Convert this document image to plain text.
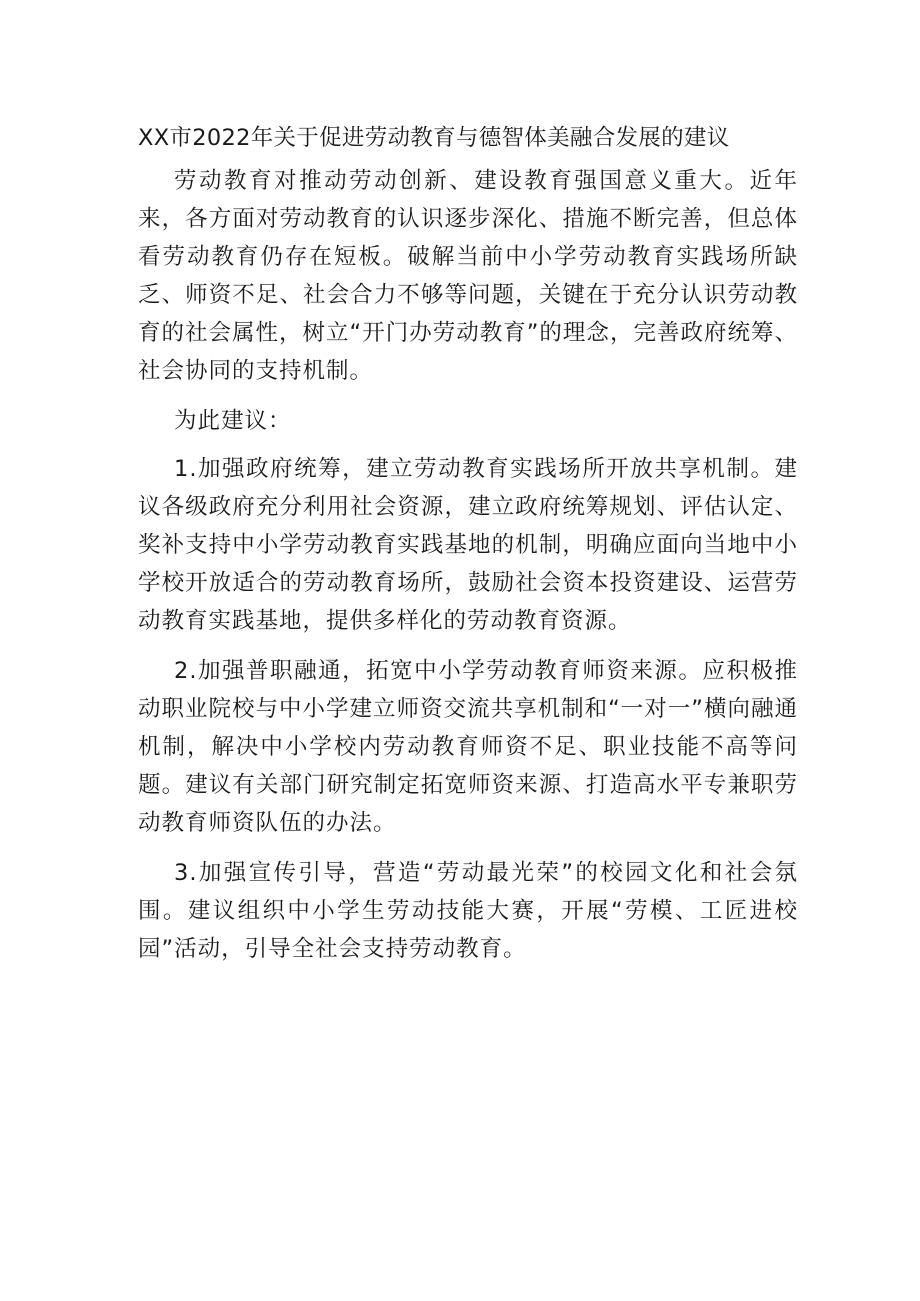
XX市2022年关于促进劳动教育与德智体美融合发展的建议

劳动教育对推动劳动创新、建设教育强国意义重大。近年来，各方面对劳动教育的认识逐步深化、措施不断完善，但总体看劳动教育仍存在短板。破解当前中小学劳动教育实践场所缺乏、师资不足、社会合力不够等问题，关键在于充分认识劳动教育的社会属性，树立“开门办劳动教育”的理念，完善政府统筹、社会协同的支持机制。

为此建议：

1.加强政府统筹，建立劳动教育实践场所开放共享机制。建议各级政府充分利用社会资源，建立政府统筹规划、评估认定、奖补支持中小学劳动教育实践基地的机制，明确应面向当地中小学校开放适合的劳动教育场所，鼓励社会资本投资建设、运营劳动教育实践基地，提供多样化的劳动教育资源。

2.加强普职融通，拓宽中小学劳动教育师资来源。应积极推动职业院校与中小学建立师资交流共享机制和“一对一”横向融通机制，解决中小学校内劳动教育师资不足、职业技能不高等问题。建议有关部门研究制定拓宽师资来源、打造高水平专兼职劳动教育师资队伍的办法。

3.加强宣传引导，营造“劳动最光荣”的校园文化和社会氛围。建议组织中小学生劳动技能大赛，开展“劳模、工匠进校园”活动，引导全社会支持劳动教育。
